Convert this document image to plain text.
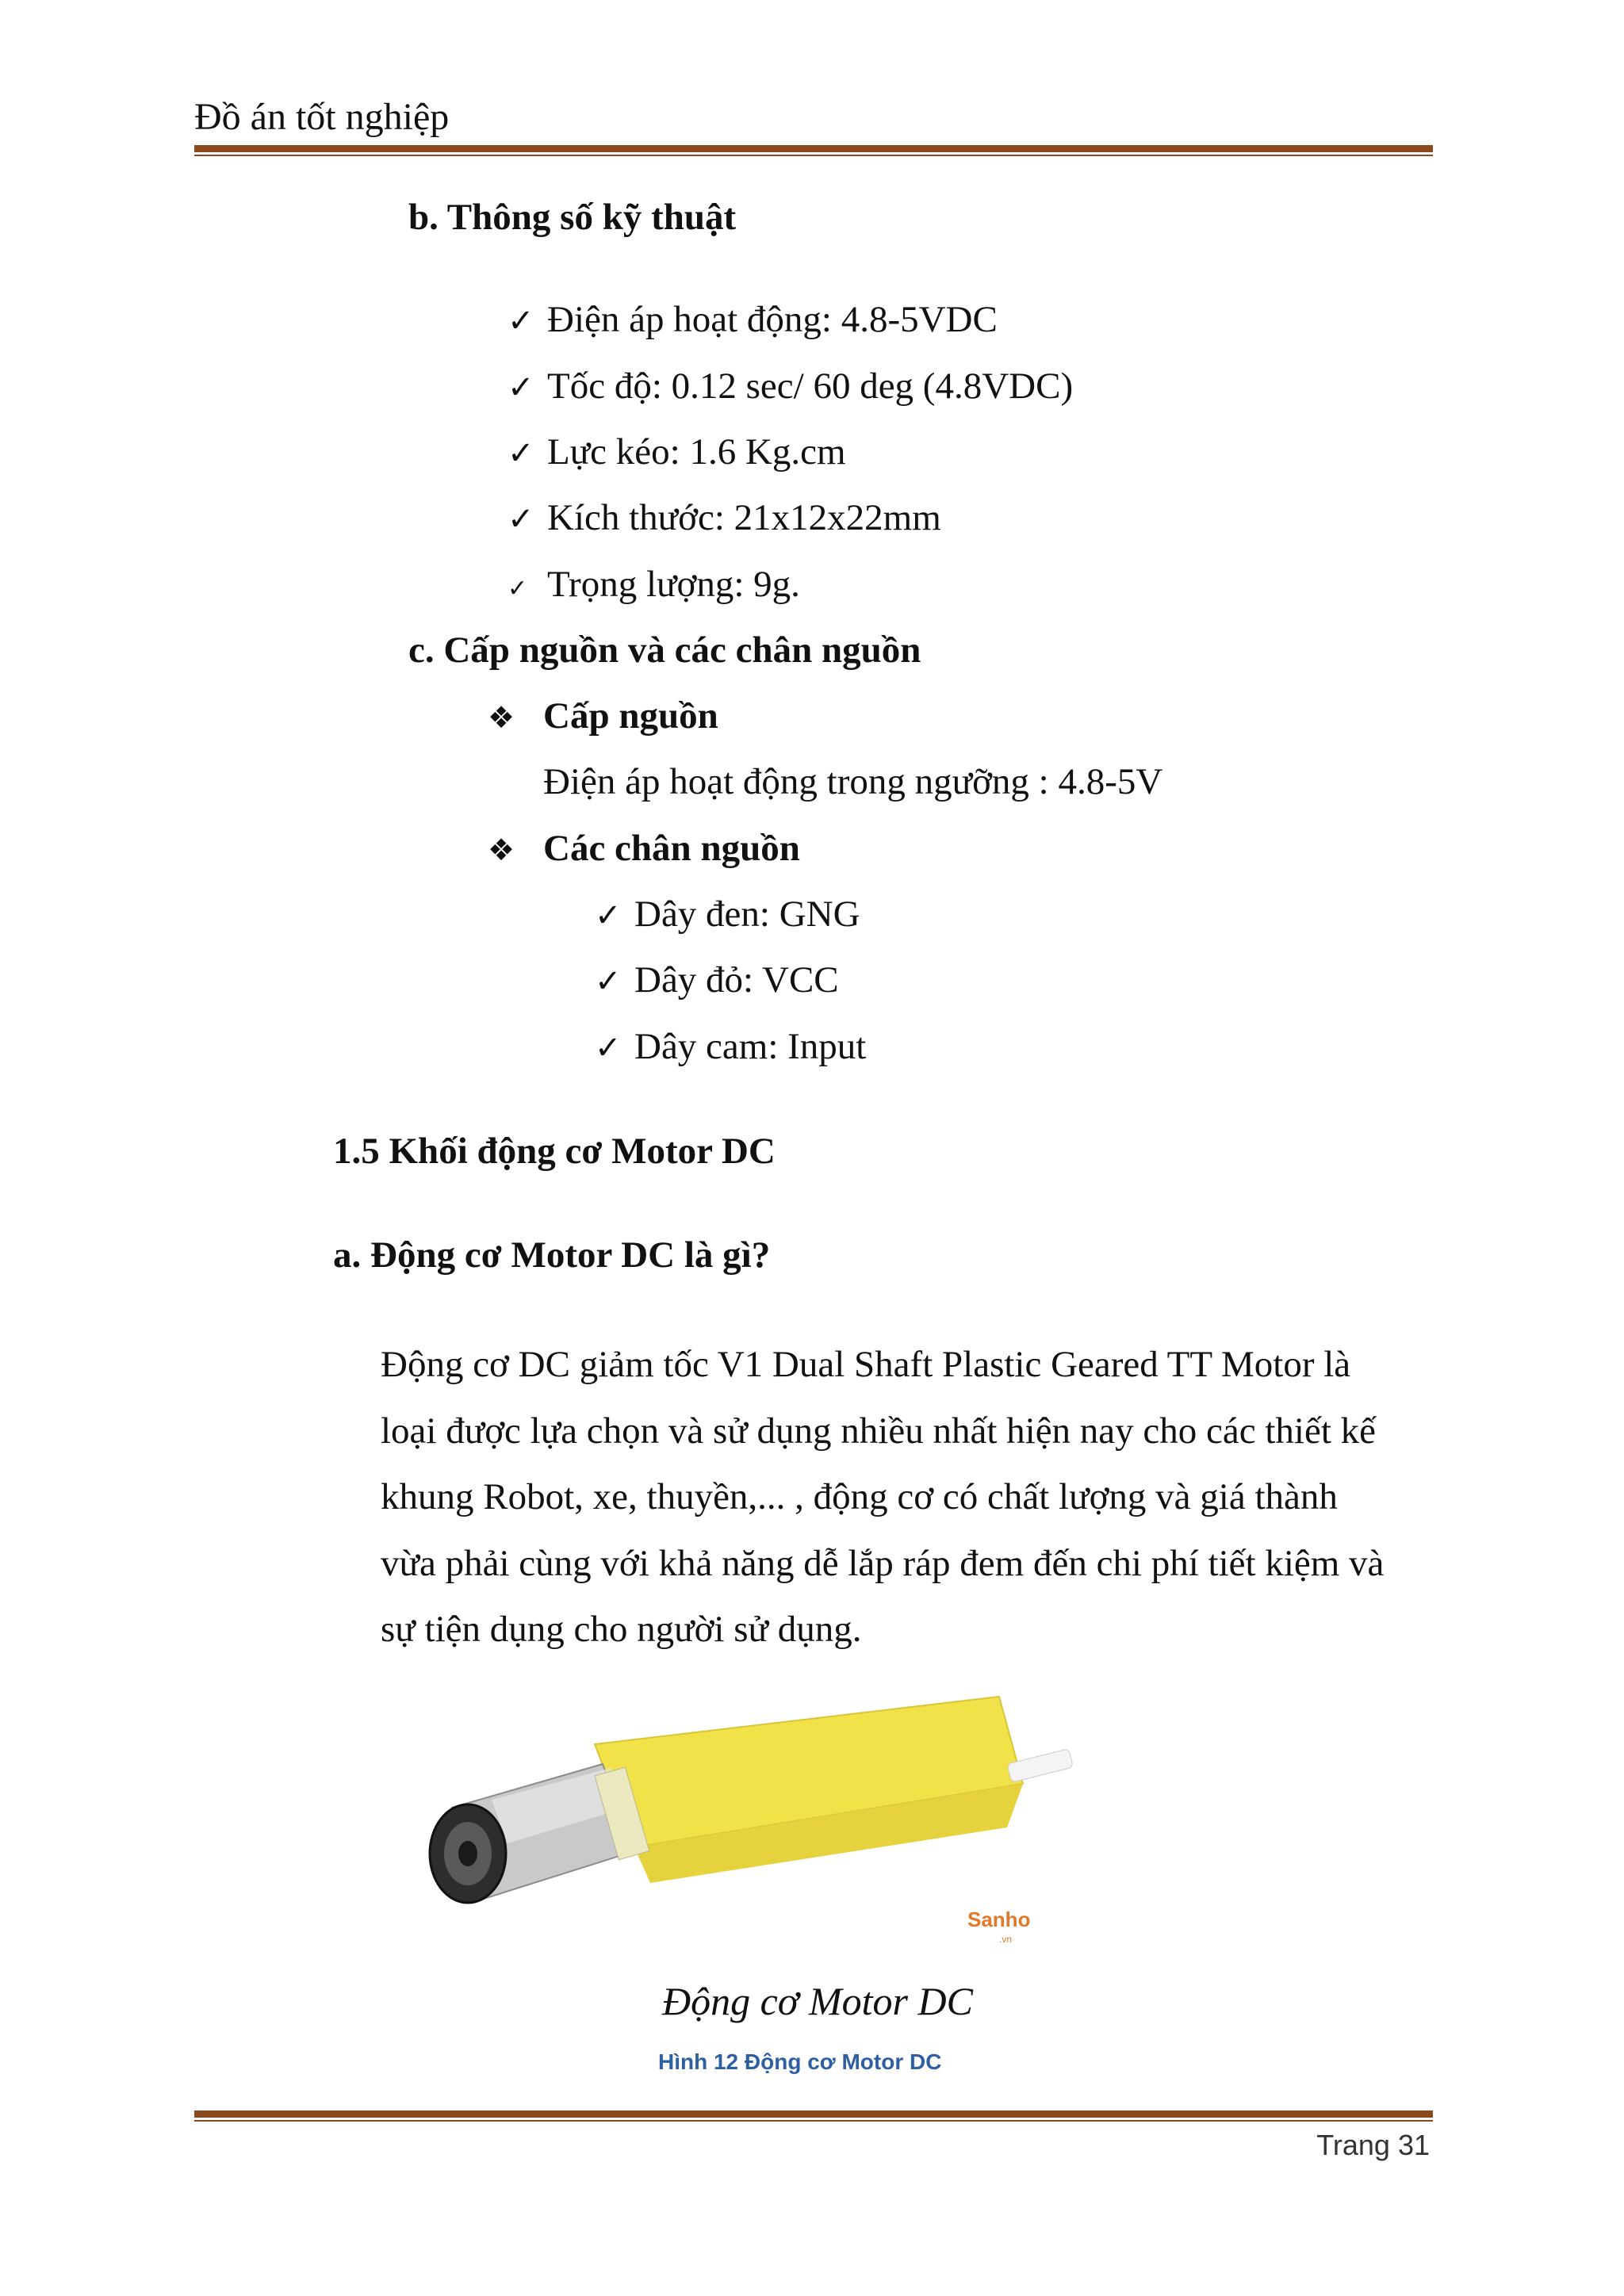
Đồ án tốt nghiệp
b. Thông số kỹ thuật
✓ Điện áp hoạt động: 4.8-5VDC
✓ Tốc độ: 0.12 sec/ 60 deg (4.8VDC)
✓ Lực kéo: 1.6 Kg.cm
✓ Kích thước: 21x12x22mm
✓ Trọng lượng: 9g.
c. Cấp nguồn và các chân nguồn
❖ Cấp nguồn
Điện áp hoạt động trong ngưỡng : 4.8-5V
❖ Các chân nguồn
✓ Dây đen: GNG
✓ Dây đỏ: VCC
✓ Dây cam: Input
1.5 Khối động cơ Motor DC
a. Động cơ Motor DC là gì?
Động cơ DC giảm tốc V1 Dual Shaft Plastic Geared TT Motor là
loại được lựa chọn và sử dụng nhiều nhất hiện nay cho các thiết kế
khung Robot, xe, thuyền,... , động cơ có chất lượng và giá thành
vừa phải cùng với khả năng dễ lắp ráp đem đến chi phí tiết kiệm và
sự tiện dụng cho người sử dụng.
Sanho
.vn
Động cơ Motor DC
Hình 12 Động cơ Motor DC
Trang 31
